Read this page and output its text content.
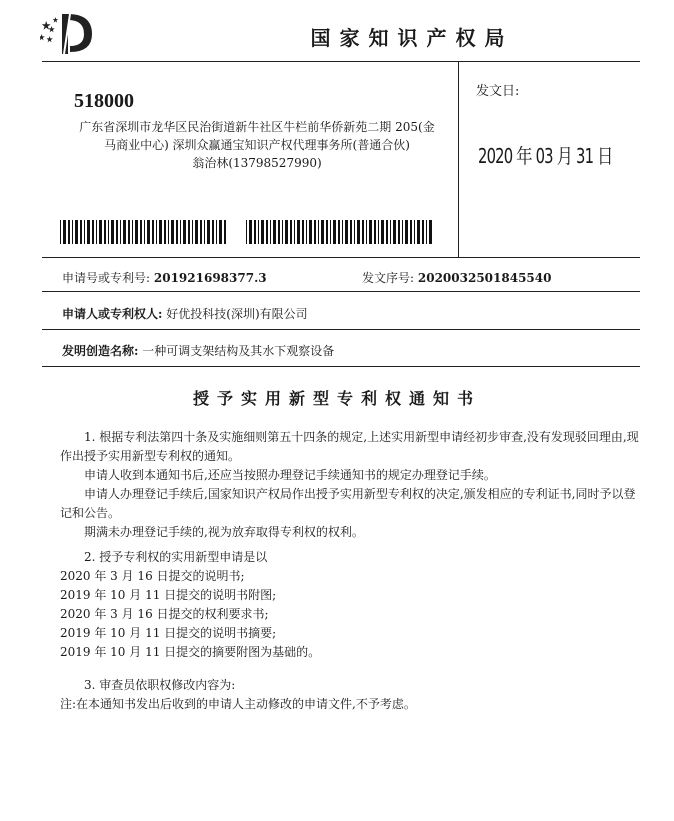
国家知识产权局
518000
广东省深圳市龙华区民治街道新牛社区牛栏前华侨新苑二期 205(金
马商业中心) 深圳众赢通宝知识产权代理事务所(普通合伙)
翁治林(13798527990)
发文日:
2020 年 03 月 31 日
申请号或专利号: 201921698377.3	发文序号: 2020032501845540
申请人或专利权人: 好优投科技(深圳)有限公司
发明创造名称: 一种可调支架结构及其水下观察设备
授予实用新型专利权通知书

1. 根据专利法第四十条及实施细则第五十四条的规定,上述实用新型申请经初步审查,没有发现驳回理由,现作出授予实用新型专利权的通知。

申请人收到本通知书后,还应当按照办理登记手续通知书的规定办理登记手续。

申请人办理登记手续后,国家知识产权局作出授予实用新型专利权的决定,颁发相应的专利证书,同时予以登记和公告。

期满未办理登记手续的,视为放弃取得专利权的权利。

2. 授予专利权的实用新型申请是以

2020 年 3 月 16 日提交的说明书;

2019 年 10 月 11 日提交的说明书附图;

2020 年 3 月 16 日提交的权利要求书;

2019 年 10 月 11 日提交的说明书摘要;

2019 年 10 月 11 日提交的摘要附图为基础的。

3. 审查员依职权修改内容为:

注:在本通知书发出后收到的申请人主动修改的申请文件,不予考虑。
